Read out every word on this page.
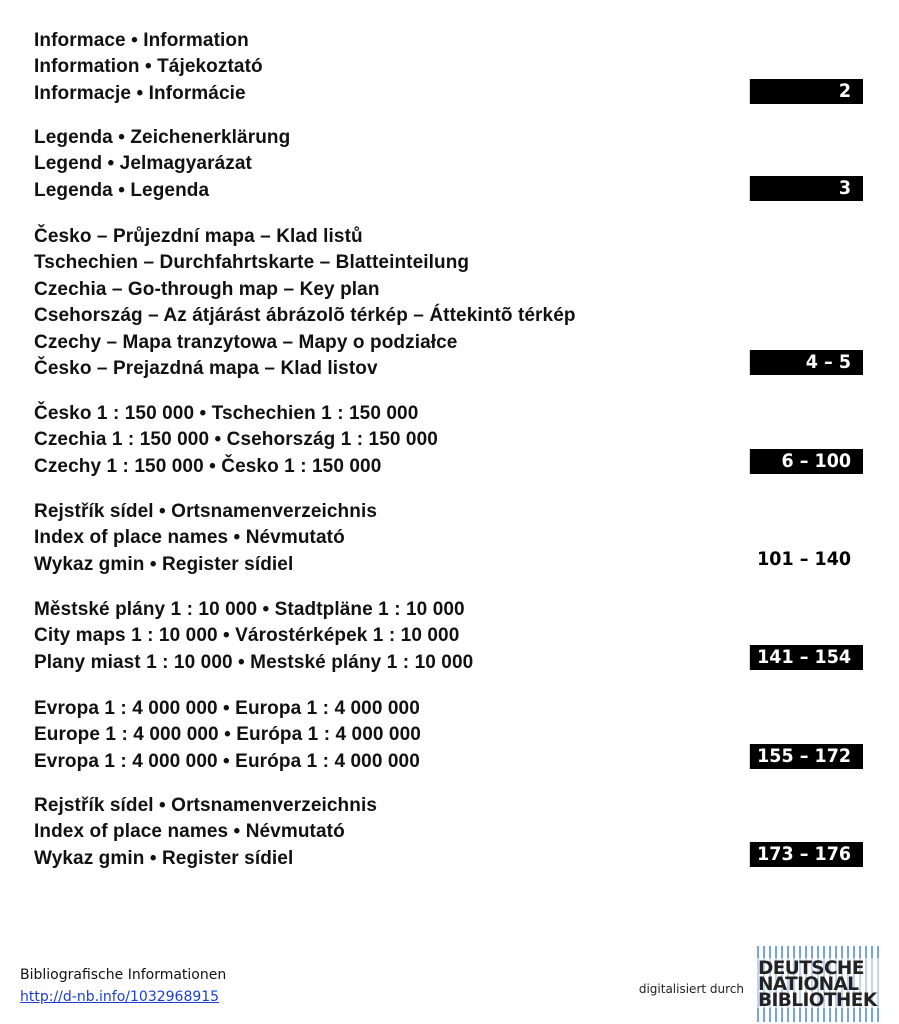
Informace • Information
Information • Tájekoztató
Informacje • Informácie	2
Legenda • Zeichenerklärung
Legend • Jelmagyarázat
Legenda • Legenda	3
Česko – Průjezdní mapa – Klad listů
Tschechien – Durchfahrtskarte – Blatteinteilung
Czechia – Go-through map – Key plan
Csehország – Az átjárást ábrázolõ térkép – Áttekintõ térkép
Czechy – Mapa tranzytowa – Mapy o podziałce
Česko – Prejazdná mapa – Klad listov	4 – 5
Česko 1 : 150 000 • Tschechien 1 : 150 000
Czechia 1 : 150 000 • Csehország 1 : 150 000
Czechy 1 : 150 000 • Česko 1 : 150 000	6 – 100
Rejstřík sídel • Ortsnamenverzeichnis
Index of place names • Névmutató
Wykaz gmin • Register sídiel	101 – 140
Městské plány 1 : 10 000 • Stadtpläne 1 : 10 000
City maps 1 : 10 000 • Várostérképek 1 : 10 000
Plany miast 1 : 10 000 • Mestské plány 1 : 10 000	141 – 154
Evropa 1 : 4 000 000 • Europa 1 : 4 000 000
Europe 1 : 4 000 000 • Európa 1 : 4 000 000
Evropa 1 : 4 000 000 • Európa 1 : 4 000 000	155 – 172
Rejstřík sídel • Ortsnamenverzeichnis
Index of place names • Névmutató
Wykaz gmin • Register sídiel	173 – 176
Bibliografische Informationen
http://d-nb.info/1032968915	digitalisiert durch
DEUTSCHE
NATIONAL
BIBLIOTHEK
